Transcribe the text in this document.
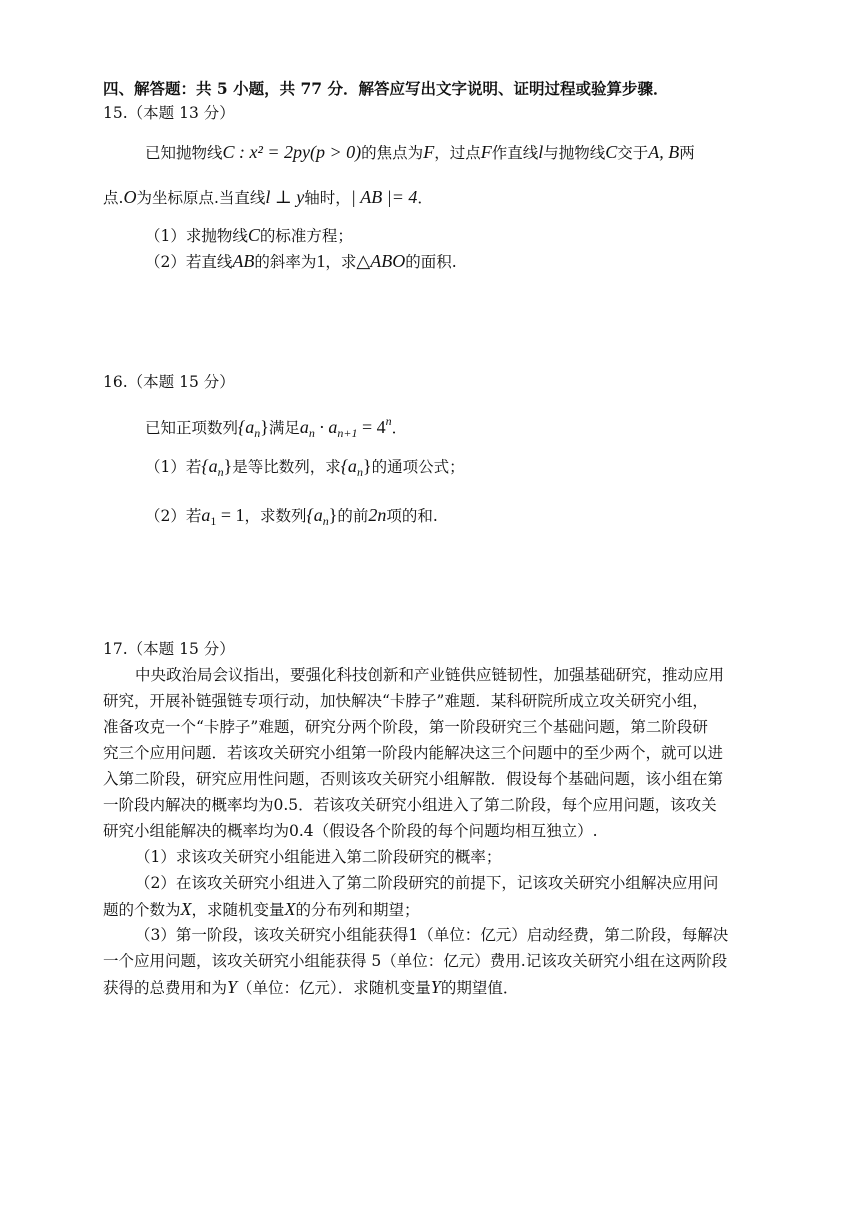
四、解答题：共 5 小题，共 77 分．解答应写出文字说明、证明过程或验算步骤．
15.（本题 13 分）
已知抛物线C : x² = 2py(p > 0)的焦点为F，过点F作直线l与抛物线C交于A, B两
点.O为坐标原点.当直线l ⊥ y轴时，| AB |= 4．
（1）求抛物线C的标准方程；
（2）若直线AB的斜率为1，求△ABO的面积.
16.（本题 15 分）
已知正项数列$\{a_n\}$满足$a_n \cdot a_{n+1} = 4^n$．
（1）若$\{a_n\}$是等比数列，求$\{a_n\}$的通项公式；
（2）若$a_1 = 1$，求数列$\{a_n\}$的前2n项的和.
17.（本题 15 分）
中央政治局会议指出，要强化科技创新和产业链供应链韧性，加强基础研究，推动应用
研究，开展补链强链专项行动，加快解决“卡脖子”难题．某科研院所成立攻关研究小组，
准备攻克一个“卡脖子”难题，研究分两个阶段，第一阶段研究三个基础问题，第二阶段研
究三个应用问题．若该攻关研究小组第一阶段内能解决这三个问题中的至少两个，就可以进
入第二阶段，研究应用性问题，否则该攻关研究小组解散．假设每个基础问题，该小组在第
一阶段内解决的概率均为0.5．若该攻关研究小组进入了第二阶段，每个应用问题，该攻关
研究小组能解决的概率均为0.4（假设各个阶段的每个问题均相互独立）.
（1）求该攻关研究小组能进入第二阶段研究的概率；
（2）在该攻关研究小组进入了第二阶段研究的前提下，记该攻关研究小组解决应用问
题的个数为X，求随机变量X的分布列和期望；
（3）第一阶段，该攻关研究小组能获得1（单位：亿元）启动经费，第二阶段，每解决
一个应用问题，该攻关研究小组能获得 5（单位：亿元）费用.记该攻关研究小组在这两阶段
获得的总费用和为Y（单位：亿元）．求随机变量Y的期望值．
